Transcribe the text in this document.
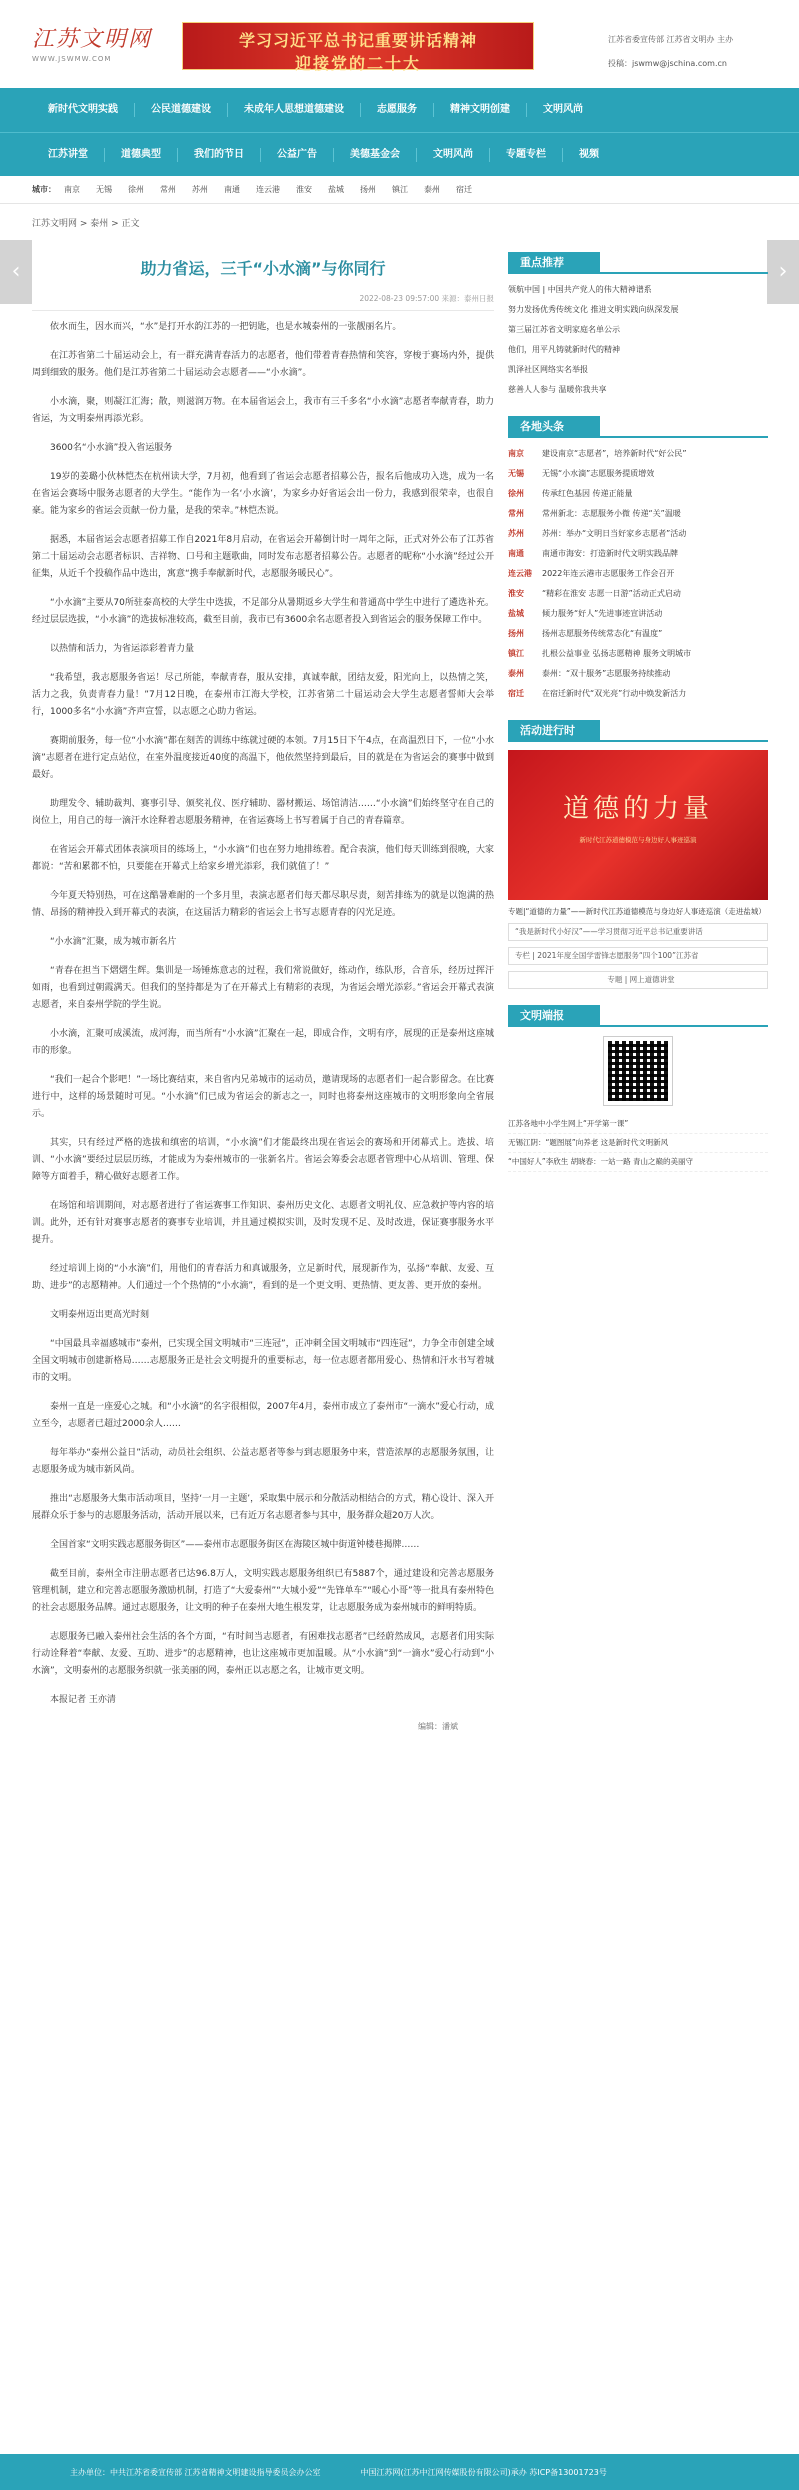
江苏文明网
WWW.JSWMW.COM
学习习近平总书记重要讲话精神
迎接党的二十大
江苏省委宣传部 江苏省文明办 主办
投稿：jswmw@jschina.com.cn
新时代文明实践	公民道德建设	未成年人思想道德建设	志愿服务	精神文明创建	文明风尚
江苏讲堂	道德典型	我们的节日	公益广告	美德基金会	文明风尚	专题专栏	视频
城市： 南京 无锡 徐州 常州 苏州 南通 连云港 淮安 盐城 扬州 镇江 泰州 宿迁
江苏文明网 > 泰州 > 正文
‹	›
助力省运，三千“小水滴”与你同行
2022-08-23 09:57:00 来源：泰州日报

依水而生，因水而兴，“水”是打开水韵江苏的一把钥匙，也是水城泰州的一张靓丽名片。

在江苏省第二十届运动会上，有一群充满青春活力的志愿者，他们带着青春热情和笑容，穿梭于赛场内外，提供周到细致的服务。他们是江苏省第二十届运动会志愿者——“小水滴”。

小水滴，聚，则凝江汇海；散，则滋润万物。在本届省运会上，我市有三千多名“小水滴”志愿者奉献青春，助力省运，为文明泰州再添光彩。

3600名“小水滴”投入省运服务

19岁的姜璐小伙林恺杰在杭州读大学，7月初，他看到了省运会志愿者招募公告，报名后他成功入选，成为一名在省运会赛场中服务志愿者的大学生。“能作为一名‘小水滴’，为家乡办好省运会出一份力，我感到很荣幸，也很自豪。能为家乡的省运会贡献一份力量，是我的荣幸。”林恺杰说。

据悉，本届省运会志愿者招募工作自2021年8月启动，在省运会开幕倒计时一周年之际，正式对外公布了江苏省第二十届运动会志愿者标识、吉祥物、口号和主题歌曲，同时发布志愿者招募公告。志愿者的昵称“小水滴”经过公开征集，从近千个投稿作品中选出，寓意“携手奉献新时代，志愿服务暖民心”。

“小水滴”主要从70所驻泰高校的大学生中选拔，不足部分从暑期返乡大学生和普通高中学生中进行了遴选补充。经过层层选拔，“小水滴”的选拔标准较高，截至目前，我市已有3600余名志愿者投入到省运会的服务保障工作中。

以热情和活力，为省运添彩着青力量

“我希望，我志愿服务省运！尽己所能，奉献青春，服从安排，真诚奉献，团结友爱，阳光向上，以热情之笑，活力之我，负责青春力量！”7月12日晚，在泰州市江海大学校，江苏省第二十届运动会大学生志愿者誓师大会举行，1000多名“小水滴”齐声宣誓，以志愿之心助力省运。

赛期前服务，每一位“小水滴”都在刻苦的训练中练就过硬的本领。7月15日下午4点，在高温烈日下，一位“小水滴”志愿者在进行定点站位，在室外温度接近40度的高温下，他依然坚持到最后，目的就是在为省运会的赛事中做到最好。

助理发令、辅助裁判、赛事引导、颁奖礼仪、医疗辅助、器材搬运、场馆清洁……“小水滴”们始终坚守在自己的岗位上，用自己的每一滴汗水诠释着志愿服务精神，在省运赛场上书写着属于自己的青春篇章。

在省运会开幕式团体表演项目的练场上，“小水滴”们也在努力地排练着。配合表演，他们每天训练到很晚，大家都说：“苦和累都不怕，只要能在开幕式上给家乡增光添彩，我们就值了！”

今年夏天特别热，可在这酷暑难耐的一个多月里，表演志愿者们每天都尽职尽责，刻苦排练为的就是以饱满的热情、昂扬的精神投入到开幕式的表演，在这届活力精彩的省运会上书写志愿青春的闪光足迹。

“小水滴”汇聚，成为城市新名片

“青春在担当下熠熠生辉。集训是一场锤炼意志的过程，我们常说做好，练动作，练队形，合音乐，经历过挥汗如雨，也看到过朝霞满天。但我们的坚持都是为了在开幕式上有精彩的表现，为省运会增光添彩。”省运会开幕式表演志愿者，来自泰州学院的学生说。

小水滴，汇聚可成溪流，成河海，而当所有“小水滴”汇聚在一起，即成合作，文明有序，展现的正是泰州这座城市的形象。

“我们一起合个影吧！”一场比赛结束，来自省内兄弟城市的运动员，邀请现场的志愿者们一起合影留念。在比赛进行中，这样的场景随时可见。“小水滴”们已成为省运会的新志之一，同时也将泰州这座城市的文明形象向全省展示。

其实，只有经过严格的选拔和缜密的培训，“小水滴”们才能最终出现在省运会的赛场和开闭幕式上。选拔、培训、“小水滴”要经过层层历练，才能成为为泰州城市的一张新名片。省运会筹委会志愿者管理中心从培训、管理、保障等方面着手，精心做好志愿者工作。

在场馆和培训期间，对志愿者进行了省运赛事工作知识、泰州历史文化、志愿者文明礼仪、应急救护等内容的培训。此外，还有针对赛事志愿者的赛事专业培训，并且通过模拟实训，及时发现不足、及时改进，保证赛事服务水平提升。

经过培训上岗的“小水滴”们，用他们的青春活力和真诚服务，立足新时代，展现新作为，弘扬“奉献、友爱、互助、进步”的志愿精神。人们通过一个个热情的“小水滴”，看到的是一个更文明、更热情、更友善、更开放的泰州。

文明泰州迈出更高光时刻

“中国最具幸福感城市”泰州，已实现全国文明城市“三连冠”，正冲刺全国文明城市“四连冠”，力争全市创建全域全国文明城市创建新格局……志愿服务正是社会文明提升的重要标志，每一位志愿者都用爱心、热情和汗水书写着城市的文明。

泰州一直是一座爱心之城。和“小水滴”的名字很相似，2007年4月，泰州市成立了泰州市“一滴水”爱心行动，成立至今，志愿者已超过2000余人……

每年举办“泰州公益日”活动，动员社会组织、公益志愿者等参与到志愿服务中来，营造浓厚的志愿服务氛围，让志愿服务成为城市新风尚。

推出“志愿服务大集市活动项目，坚持‘一月一主题’，采取集中展示和分散活动相结合的方式，精心设计、深入开展群众乐于参与的志愿服务活动，活动开展以来，已有近万名志愿者参与其中，服务群众超20万人次。

全国首家“文明实践志愿服务街区”——泰州市志愿服务街区在海陵区城中街道钟楼巷揭牌……

截至目前，泰州全市注册志愿者已达96.8万人，文明实践志愿服务组织已有5887个，通过建设和完善志愿服务管理机制，建立和完善志愿服务激励机制，打造了“大爱泰州”“大城小爱”“先锋单车”“暖心小哥”等一批具有泰州特色的社会志愿服务品牌。通过志愿服务，让文明的种子在泰州大地生根发芽，让志愿服务成为泰州城市的鲜明特质。

志愿服务已融入泰州社会生活的各个方面，“有时间当志愿者，有困难找志愿者”已经蔚然成风，志愿者们用实际行动诠释着“奉献、友爱、互助、进步”的志愿精神，也让这座城市更加温暖。从“小水滴”到“一滴水”爱心行动到“小水滴”，文明泰州的志愿服务织就一张美丽的网，泰州正以志愿之名，让城市更文明。

本报记者 王亦清

编辑：潘斌
重点推荐
领航中国 | 中国共产党人的伟大精神谱系
努力发扬优秀传统文化 推进文明实践向纵深发展
第三届江苏省文明家庭名单公示
他们，用平凡铸就新时代的精神
凯泽社区网络实名举报
慈善人人参与 温暖你我共享
各地头条
南京	建设南京“志愿者”，培养新时代“好公民”
无锡	无锡“小水滴”志愿服务提质增效
徐州	传承红色基因 传递正能量
常州	常州新北：志愿服务小微 传递“关”温暖
苏州	苏州：举办“文明日当好家乡志愿者”活动
南通	南通市海安：打造新时代文明实践品牌
连云港	2022年连云港市志愿服务工作会召开
淮安	“精彩在淮安 志愿一日游”活动正式启动
盐城	倾力服务“好人”先进事迹宣讲活动
扬州	扬州志愿服务传统常态化“有温度”
镇江	扎根公益事业 弘扬志愿精神 服务文明城市
泰州	泰州：“双十服务”志愿服务持续推动
宿迁	在宿迁新时代“双光亮”行动中焕发新活力
活动进行时
道德的力量
新时代江苏道德模范与身边好人事迹巡演
专题|“道德的力量”——新时代江苏道德模范与身边好人事迹巡演（走进盐城）
“我是新时代小好汉”——学习贯彻习近平总书记重要讲话
专栏 | 2021年度全国学雷锋志愿服务“四个100”江苏省
专题 | 网上道德讲堂
文明端报
江苏各地中小学生网上“开学第一课”
无锡江阴：“题图展”向养老 这是新时代文明新风
“中国好人”李欣生 胡晓春：一站一路 青山之巅的美丽守
主办单位：中共江苏省委宣传部 江苏省精神文明建设指导委员会办公室	中国江苏网(江苏中江网传媒股份有限公司)承办 苏ICP备13001723号
